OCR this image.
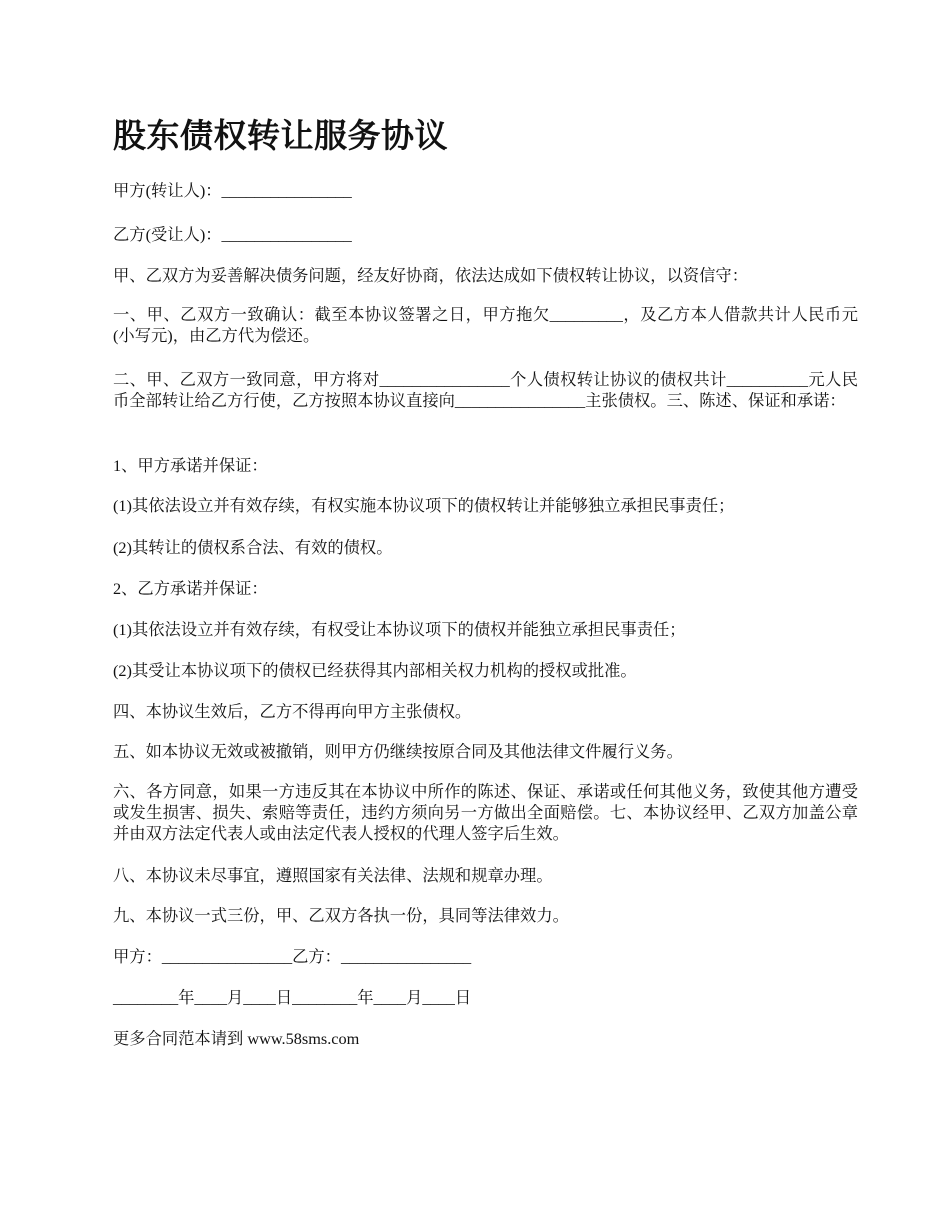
股东债权转让服务协议

甲方(转让人)：________________

乙方(受让人)：________________

甲、乙双方为妥善解决债务问题，经友好协商，依法达成如下债权转让协议，以资信守：

一、甲、乙双方一致确认：截至本协议签署之日，甲方拖欠_________，及乙方本人借款共计人民币元(小写元)，由乙方代为偿还。

二、甲、乙双方一致同意，甲方将对________________个人债权转让协议的债权共计__________元人民币全部转让给乙方行使，乙方按照本协议直接向________________主张债权。三、陈述、保证和承诺：

1、甲方承诺并保证：

(1)其依法设立并有效存续，有权实施本协议项下的债权转让并能够独立承担民事责任；

(2)其转让的债权系合法、有效的债权。

2、乙方承诺并保证：

(1)其依法设立并有效存续，有权受让本协议项下的债权并能独立承担民事责任；

(2)其受让本协议项下的债权已经获得其内部相关权力机构的授权或批准。

四、本协议生效后，乙方不得再向甲方主张债权。

五、如本协议无效或被撤销，则甲方仍继续按原合同及其他法律文件履行义务。

六、各方同意，如果一方违反其在本协议中所作的陈述、保证、承诺或任何其他义务，致使其他方遭受或发生损害、损失、索赔等责任，违约方须向另一方做出全面赔偿。七、本协议经甲、乙双方加盖公章并由双方法定代表人或由法定代表人授权的代理人签字后生效。

八、本协议未尽事宜，遵照国家有关法律、法规和规章办理。

九、本协议一式三份，甲、乙双方各执一份，具同等法律效力。

甲方：________________乙方：________________

________年____月____日________年____月____日

更多合同范本请到 www.58sms.com
